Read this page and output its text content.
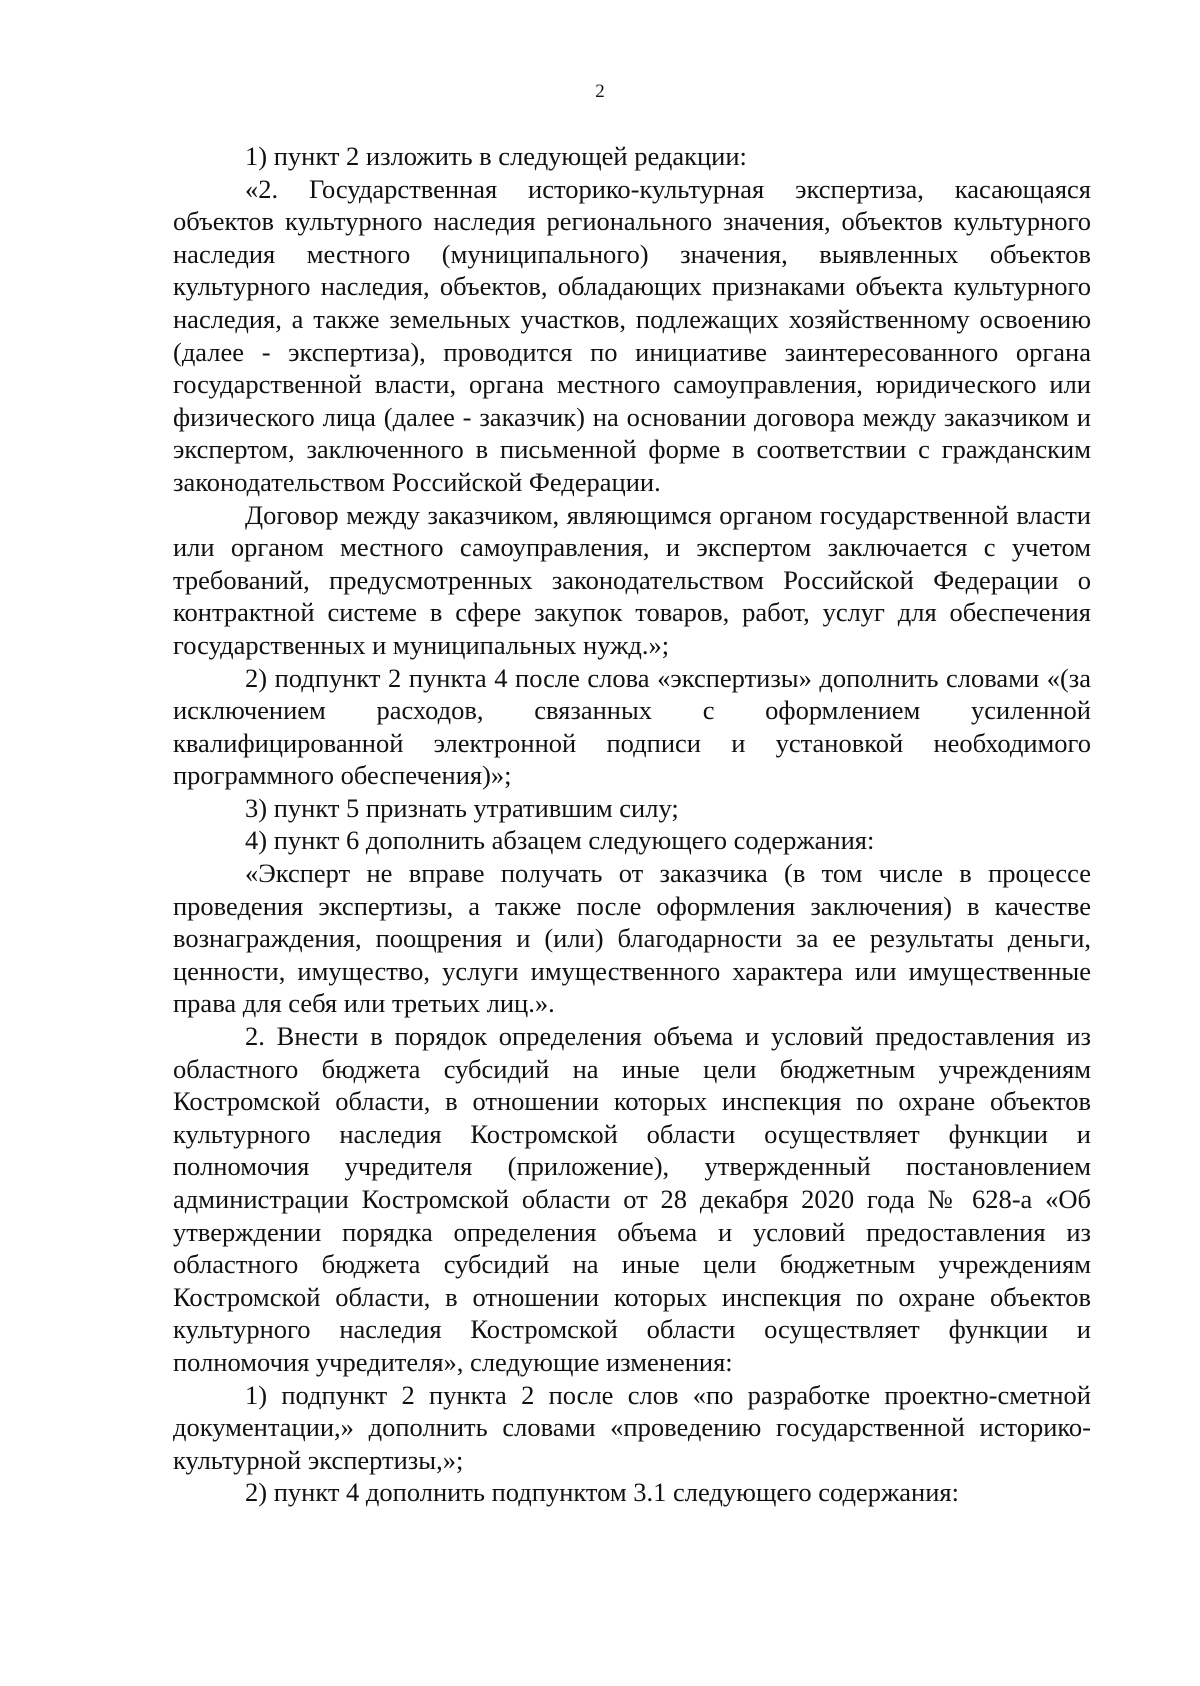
2

1) пункт 2 изложить в следующей редакции:

«2. Государственная историко-культурная экспертиза, касающаяся объектов культурного наследия регионального значения, объектов культурного наследия местного (муниципального) значения, выявленных объектов культурного наследия, объектов, обладающих признаками объекта культурного наследия, а также земельных участков, подлежащих хозяйственному освоению (далее - экспертиза), проводится по инициативе заинтересованного органа государственной власти, органа местного самоуправления, юридического или физического лица (далее - заказчик) на основании договора между заказчиком и экспертом, заключенного в письменной форме в соответствии с гражданским законодательством Российской Федерации.

Договор между заказчиком, являющимся органом государственной власти или органом местного самоуправления, и экспертом заключается с учетом требований, предусмотренных законодательством Российской Федерации о контрактной системе в сфере закупок товаров, работ, услуг для обеспечения государственных и муниципальных нужд.»;

2) подпункт 2 пункта 4 после слова «экспертизы» дополнить словами «(за исключением расходов, связанных с оформлением усиленной квалифицированной электронной подписи и установкой необходимого программного обеспечения)»;

3) пункт 5 признать утратившим силу;

4) пункт 6 дополнить абзацем следующего содержания:

«Эксперт не вправе получать от заказчика (в том числе в процессе проведения экспертизы, а также после оформления заключения) в качестве вознаграждения, поощрения и (или) благодарности за ее результаты деньги, ценности, имущество, услуги имущественного характера или имущественные права для себя или третьих лиц.».

2. Внести в порядок определения объема и условий предоставления из областного бюджета субсидий на иные цели бюджетным учреждениям Костромской области, в отношении которых инспекция по охране объектов культурного наследия Костромской области осуществляет функции и полномочия учредителя (приложение), утвержденный постановлением администрации Костромской области от 28 декабря 2020 года № 628-а «Об утверждении порядка определения объема и условий предоставления из областного бюджета субсидий на иные цели бюджетным учреждениям Костромской области, в отношении которых инспекция по охране объектов культурного наследия Костромской области осуществляет функции и полномочия учредителя», следующие изменения:

1) подпункт 2 пункта 2 после слов «по разработке проектно-сметной документации,» дополнить словами «проведению государственной историко-культурной экспертизы,»;

2) пункт 4 дополнить подпунктом 3.1 следующего содержания:
